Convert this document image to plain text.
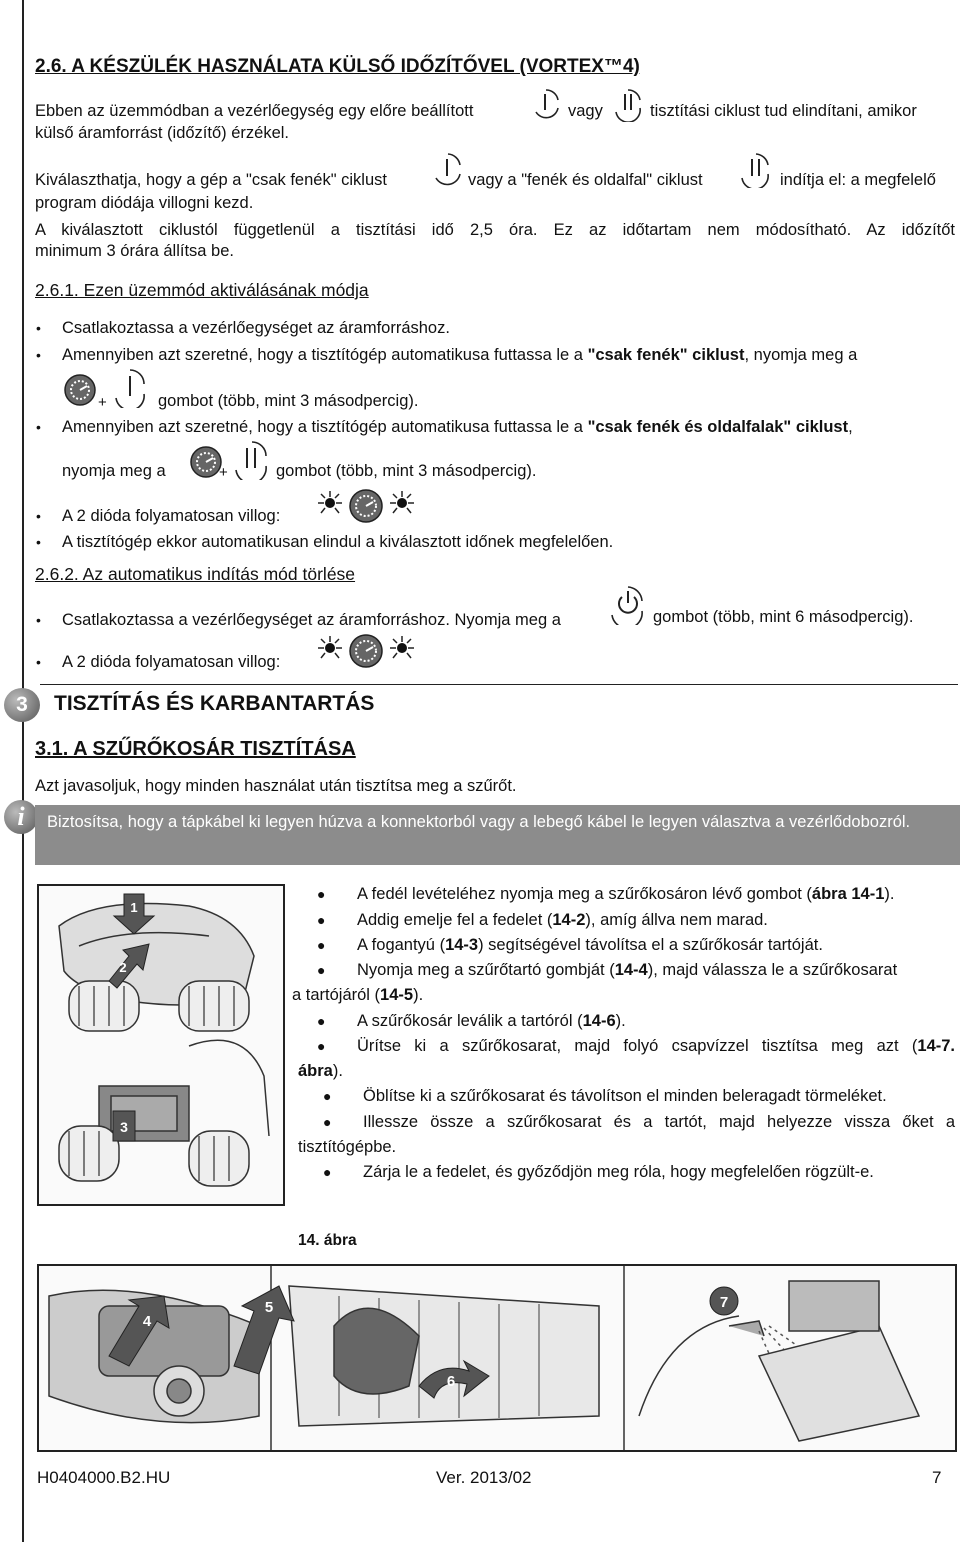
2.6. A KÉSZÜLÉK HASZNÁLATA KÜLSŐ IDŐZÍTŐVEL (VORTEX™4)
Ebben az üzemmódban a vezérlőegység egy előre beállított	vagy	tisztítási ciklust tud elindítani, amikor
külső áramforrást (időzítő) érzékel.
Kiválaszthatja, hogy a gép a "csak fenék" ciklust	vagy a "fenék és oldalfal" ciklust	indítja el: a megfelelő
program diódája villogni kezd.
A kiválasztott ciklustól függetlenül a tisztítási idő 2,5 óra. Ez az időtartam nem módosítható. Az időzítőt
minimum 3 órára állítsa be.
2.6.1. Ezen üzemmód aktiválásának módja
• Csatlakoztassa a vezérlőegységet az áramforráshoz.
• Amennyiben azt szeretné, hogy a tisztítógép automatikusa futtassa le a "csak fenék" ciklust, nyomja meg a
+	gombot (több, mint 3 másodpercig).
• Amennyiben azt szeretné, hogy a tisztítógép automatikusa futtassa le a "csak fenék és oldalfalak" ciklust,
nyomja meg a	+	gombot (több, mint 3 másodpercig).
• A 2 dióda folyamatosan villog:
• A tisztítógép ekkor automatikusan elindul a kiválasztott időnek megfelelően.
2.6.2. Az automatikus indítás mód törlése
• Csatlakoztassa a vezérlőegységet az áramforráshoz. Nyomja meg a	gombot (több, mint 6 másodpercig).
• A 2 dióda folyamatosan villog:
3	TISZTÍTÁS ÉS KARBANTARTÁS
3.1. A SZŰRŐKOSÁR TISZTÍTÁSA
Azt javasoljuk, hogy minden használat után tisztítsa meg a szűrőt.
i	Biztosítsa, hogy a tápkábel ki legyen húzva a konnektorból vagy a lebegő kábel le legyen választva a vezérlődobozról.
1
2
3
● A fedél levételéhez nyomja meg a szűrőkosáron lévő gombot (ábra 14-1).
● Addig emelje fel a fedelet (14-2), amíg állva nem marad.
● A fogantyú (14-3) segítségével távolítsa el a szűrőkosár tartóját.
● Nyomja meg a szűrőtartó gombját (14-4), majd válassza le a szűrőkosarat
a tartójáról (14-5).
● A szűrőkosár leválik a tartóról (14-6).
● Ürítse ki a szűrőkosarat, majd folyó csapvízzel tisztítsa meg azt (14-7.
ábra).
● Öblítse ki a szűrőkosarat és távolítson el minden beleragadt törmeléket.
● Illessze össze a szűrőkosarat és a tartót, majd helyezze vissza őket a
tisztítógépbe.
● Zárja le a fedelet, és győződjön meg róla, hogy megfelelően rögzült-e.
14. ábra
4
5
6
7
H0404000.B2.HU	Ver. 2013/02	7
